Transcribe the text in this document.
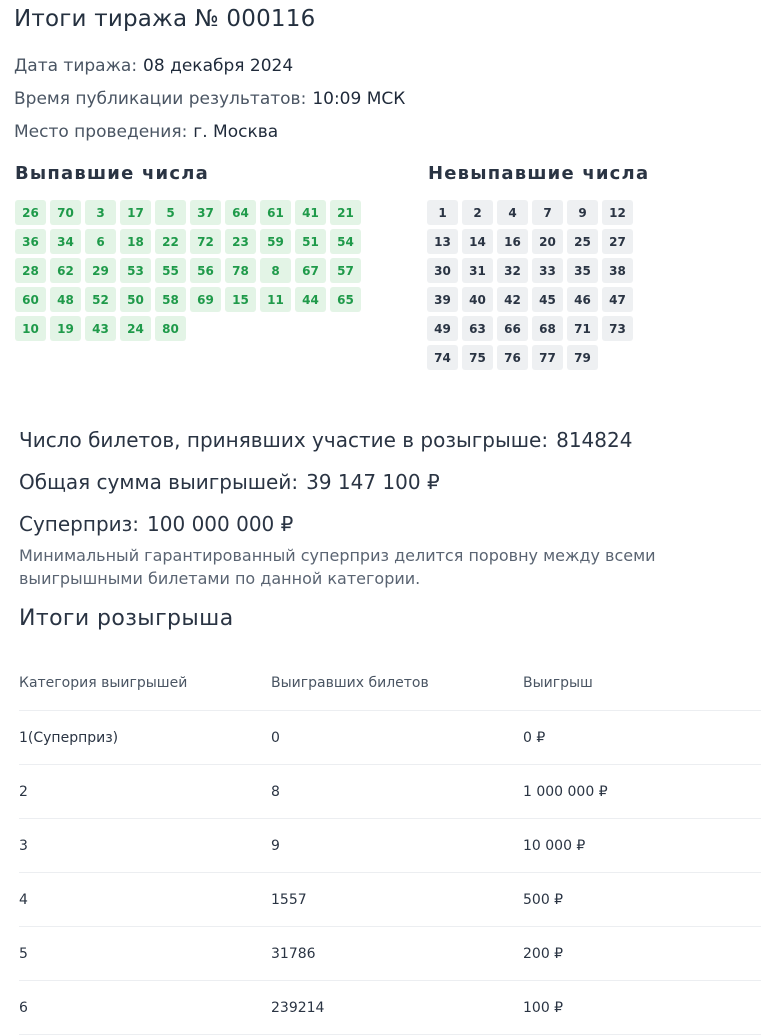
Итоги тиража № 000116
Дата тиража: 08 декабря 2024
Время публикации результатов: 10:09 МСК
Место проведения: г. Москва
Выпавшие числа	Невыпавшие числа
26	70	3	17	5	37	64	61	41	21
36	34	6	18	22	72	23	59	51	54
28	62	29	53	55	56	78	8	67	57
60	48	52	50	58	69	15	11	44	65
10	19	43	24	80
1	2	4	7	9	12
13	14	16	20	25	27
30	31	32	33	35	38
39	40	42	45	46	47
49	63	66	68	71	73
74	75	76	77	79
Число билетов, принявших участие в розыгрыше: 814824
Общая сумма выигрышей: 39 147 100 ₽
Суперприз: 100 000 000 ₽
Минимальный гарантированный суперприз делится поровну между всеми выигрышными билетами по данной категории.
Итоги розыгрыша
Категория выигрышей	Выигравших билетов	Выигрыш
1(Суперприз)	0	0 ₽
2	8	1 000 000 ₽
3	9	10 000 ₽
4	1557	500 ₽
5	31786	200 ₽
6	239214	100 ₽
